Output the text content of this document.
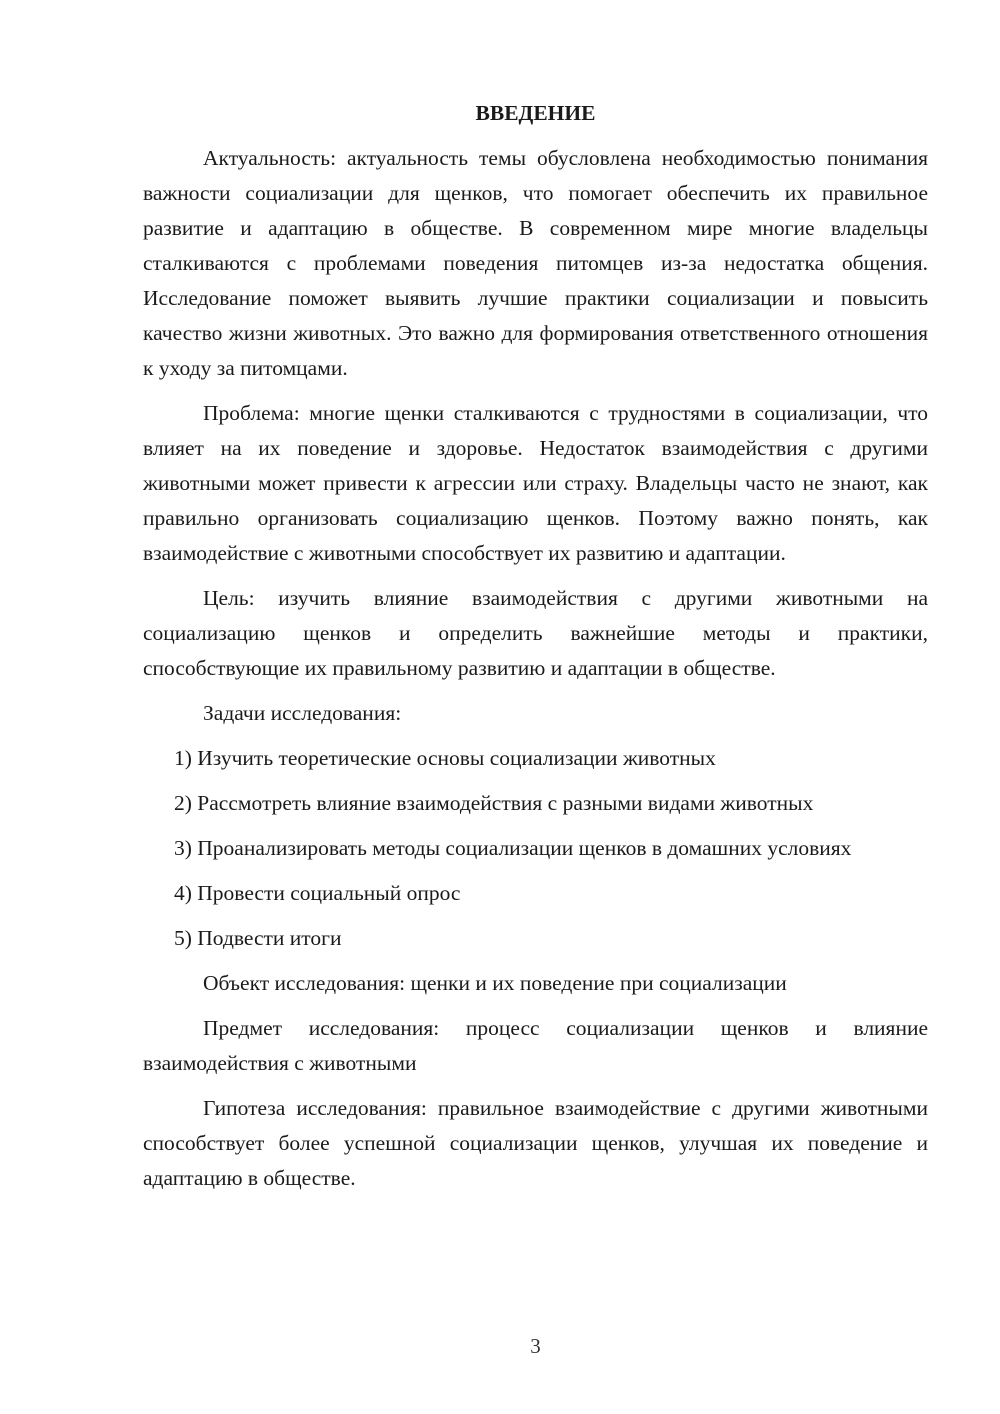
ВВЕДЕНИЕ

Актуальность: актуальность темы обусловлена необходимостью понимания важности социализации для щенков, что помогает обеспечить их правильное развитие и адаптацию в обществе. В современном мире многие владельцы сталкиваются с проблемами поведения питомцев из-за недостатка общения. Исследование поможет выявить лучшие практики социализации и повысить качество жизни животных. Это важно для формирования ответственного отношения к уходу за питомцами.

Проблема: многие щенки сталкиваются с трудностями в социализации, что влияет на их поведение и здоровье. Недостаток взаимодействия с другими животными может привести к агрессии или страху. Владельцы часто не знают, как правильно организовать социализацию щенков. Поэтому важно понять, как взаимодействие с животными способствует их развитию и адаптации.

Цель: изучить влияние взаимодействия с другими животными на социализацию щенков и определить важнейшие методы и практики, способствующие их правильному развитию и адаптации в обществе.

Задачи исследования:

1) Изучить теоретические основы социализации животных

2) Рассмотреть влияние взаимодействия с разными видами животных

3) Проанализировать методы социализации щенков в домашних условиях

4) Провести социальный опрос

5) Подвести итоги

Объект исследования: щенки и их поведение при социализации

Предмет исследования: процесс социализации щенков и влияние взаимодействия с животными

Гипотеза исследования: правильное взаимодействие с другими животными способствует более успешной социализации щенков, улучшая их поведение и адаптацию в обществе.

3
